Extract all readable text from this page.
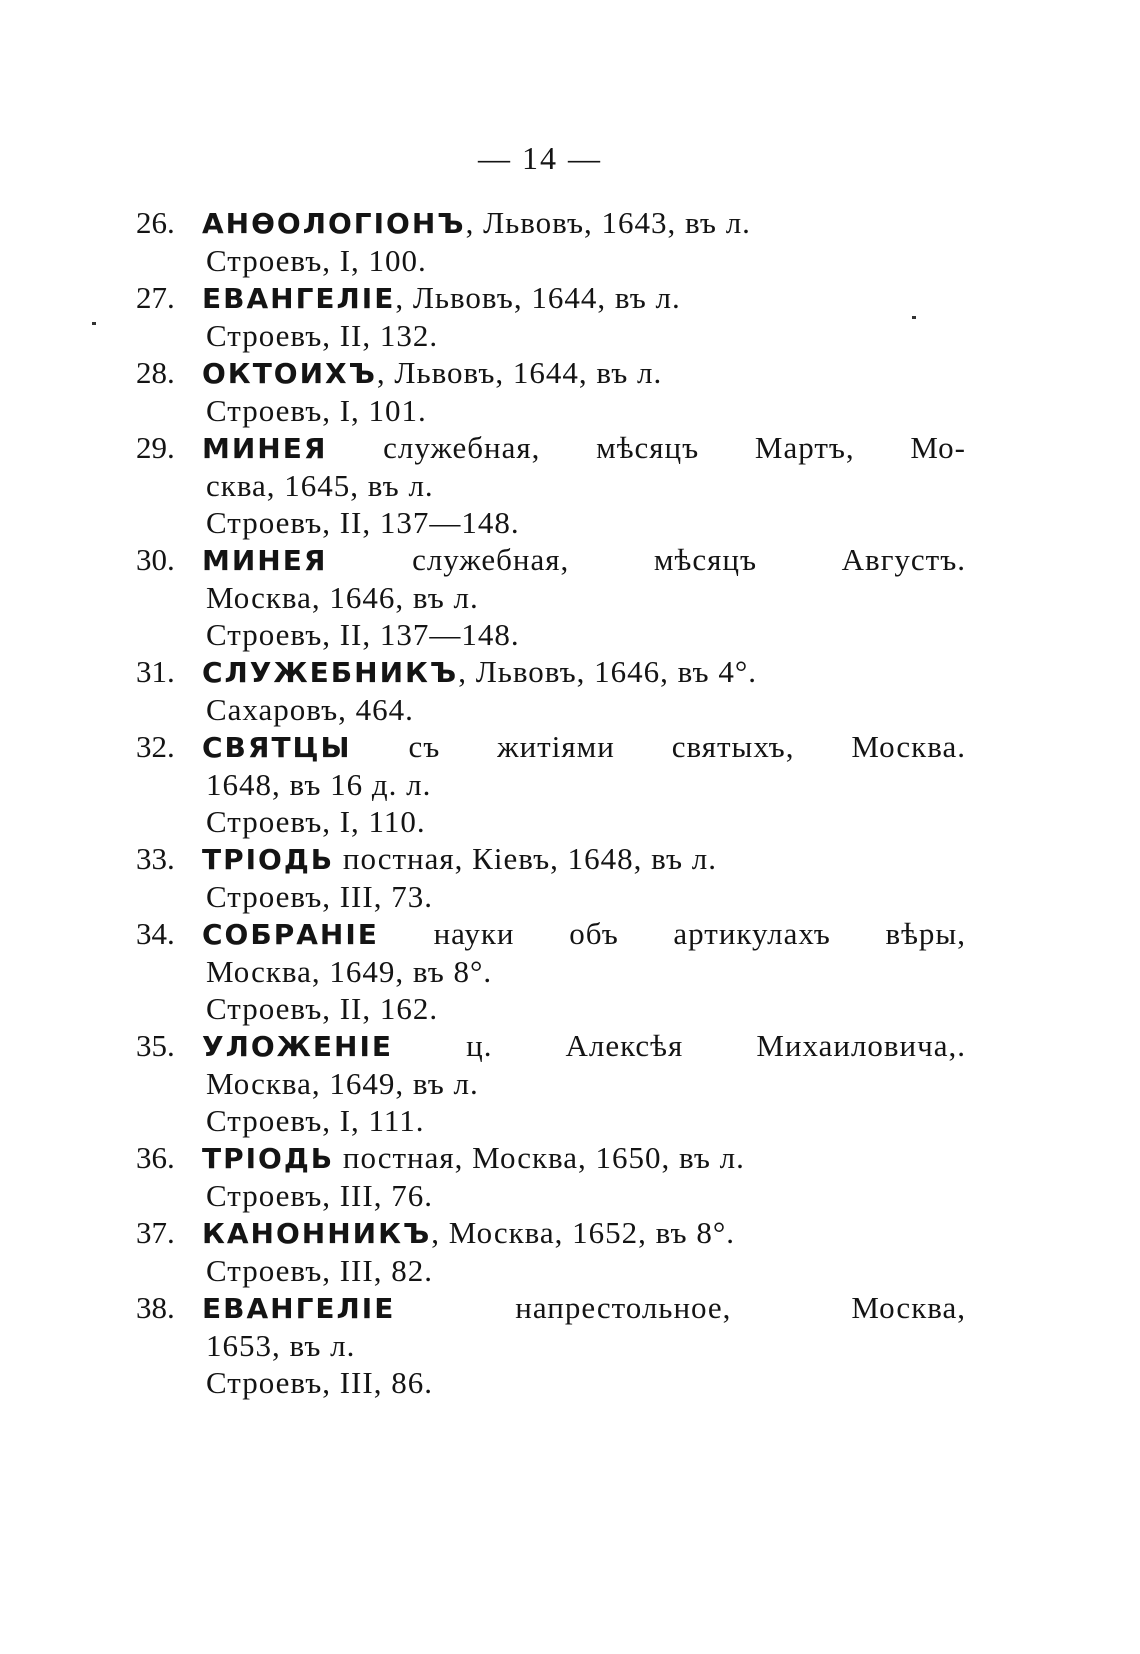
— 14 —
26. АНѲОЛОГІОНЪ, Львовъ, 1643, въ л.
Строевъ, I, 100.
27. ЕВАНГЕЛІЕ, Львовъ, 1644, въ л.
Строевъ, II, 132.
28. ОКТОИХЪ, Львовъ, 1644, въ л.
Строевъ, I, 101.
29. МИНЕЯ служебная, мѣсяцъ Мартъ, Мо-
сква, 1645, въ л.
Строевъ, II, 137—148.
30. МИНЕЯ служебная, мѣсяцъ Августъ.
Москва, 1646, въ л.
Строевъ, II, 137—148.
31. СЛУЖЕБНИКЪ, Львовъ, 1646, въ 4°.
Сахаровъ, 464.
32. СВЯТЦЫ съ житіями святыхъ, Москва.
1648, въ 16 д. л.
Строевъ, I, 110.
33. ТРІОДЬ постная, Кіевъ, 1648, въ л.
Строевъ, III, 73.
34. СОБРАНІЕ науки объ артикулахъ вѣры,
Москва, 1649, въ 8°.
Строевъ, II, 162.
35. УЛОЖЕНІЕ ц. Алексѣя Михаиловича,.
Москва, 1649, въ л.
Строевъ, I, 111.
36. ТРІОДЬ постная, Москва, 1650, въ л.
Строевъ, III, 76.
37. КАНОННИКЪ, Москва, 1652, въ 8°.
Строевъ, III, 82.
38. ЕВАНГЕЛІЕ напрестольное, Москва,
1653, въ л.
Строевъ, III, 86.
